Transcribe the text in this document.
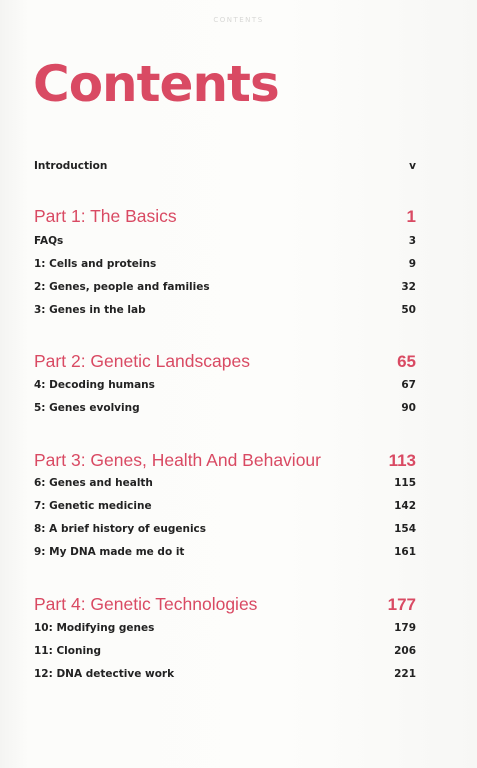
CONTENTS
Contents
Introduction	v
Part 1: The Basics	1
FAQs	3
1: Cells and proteins	9
2: Genes, people and families	32
3: Genes in the lab	50
Part 2: Genetic Landscapes	65
4: Decoding humans	67
5: Genes evolving	90
Part 3: Genes, Health And Behaviour	113
6: Genes and health	115
7: Genetic medicine	142
8: A brief history of eugenics	154
9: My DNA made me do it	161
Part 4: Genetic Technologies	177
10: Modifying genes	179
11: Cloning	206
12: DNA detective work	221
